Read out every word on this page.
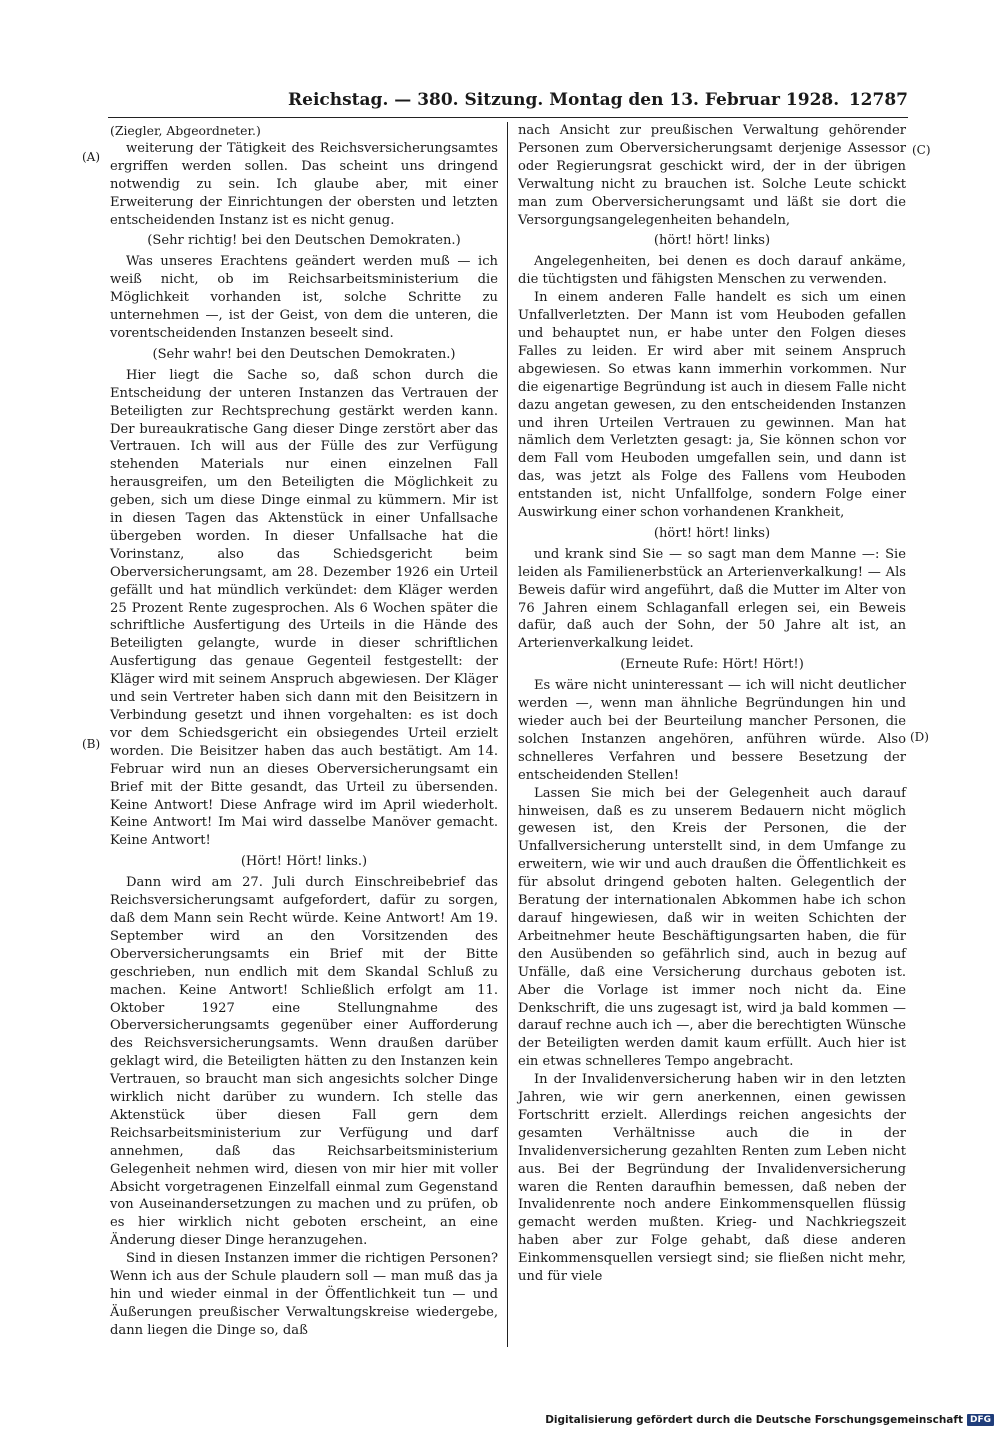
Reichstag. — 380. Sitzung. Montag den 13. Februar 1928. 12787
(A)
(B)
(C)
(D)

(Ziegler, Abgeordneter.)

weiterung der Tätigkeit des Reichsversicherungsamtes ergriffen werden sollen. Das scheint uns dringend notwendig zu sein. Ich glaube aber, mit einer Erweiterung der Einrichtungen der obersten und letzten entscheidenden Instanz ist es nicht genug.

(Sehr richtig! bei den Deutschen Demokraten.)

Was unseres Erachtens geändert werden muß — ich weiß nicht, ob im Reichsarbeitsministerium die Möglichkeit vorhanden ist, solche Schritte zu unternehmen —, ist der Geist, von dem die unteren, die vorentscheidenden Instanzen beseelt sind.

(Sehr wahr! bei den Deutschen Demokraten.)

Hier liegt die Sache so, daß schon durch die Entscheidung der unteren Instanzen das Vertrauen der Beteiligten zur Rechtsprechung gestärkt werden kann. Der bureaukratische Gang dieser Dinge zerstört aber das Vertrauen. Ich will aus der Fülle des zur Verfügung stehenden Materials nur einen einzelnen Fall herausgreifen, um den Beteiligten die Möglichkeit zu geben, sich um diese Dinge einmal zu kümmern. Mir ist in diesen Tagen das Aktenstück in einer Unfallsache übergeben worden. In dieser Unfallsache hat die Vorinstanz, also das Schiedsgericht beim Oberversicherungsamt, am 28. Dezember 1926 ein Urteil gefällt und hat mündlich verkündet: dem Kläger werden 25 Prozent Rente zugesprochen. Als 6 Wochen später die schriftliche Ausfertigung des Urteils in die Hände des Beteiligten gelangte, wurde in dieser schriftlichen Ausfertigung das genaue Gegenteil festgestellt: der Kläger wird mit seinem Anspruch abgewiesen. Der Kläger und sein Vertreter haben sich dann mit den Beisitzern in Verbindung gesetzt und ihnen vorgehalten: es ist doch vor dem Schiedsgericht ein obsiegendes Urteil erzielt worden. Die Beisitzer haben das auch bestätigt. Am 14. Februar wird nun an dieses Oberversicherungsamt ein Brief mit der Bitte gesandt, das Urteil zu übersenden. Keine Antwort! Diese Anfrage wird im April wiederholt. Keine Antwort! Im Mai wird dasselbe Manöver gemacht. Keine Antwort!

(Hört! Hört! links.)

Dann wird am 27. Juli durch Einschreibebrief das Reichsversicherungsamt aufgefordert, dafür zu sorgen, daß dem Mann sein Recht würde. Keine Antwort! Am 19. September wird an den Vorsitzenden des Oberversicherungsamts ein Brief mit der Bitte geschrieben, nun endlich mit dem Skandal Schluß zu machen. Keine Antwort! Schließlich erfolgt am 11. Oktober 1927 eine Stellungnahme des Oberversicherungsamts gegenüber einer Aufforderung des Reichsversicherungsamts. Wenn draußen darüber geklagt wird, die Beteiligten hätten zu den Instanzen kein Vertrauen, so braucht man sich angesichts solcher Dinge wirklich nicht darüber zu wundern. Ich stelle das Aktenstück über diesen Fall gern dem Reichsarbeitsministerium zur Verfügung und darf annehmen, daß das Reichsarbeitsministerium Gelegenheit nehmen wird, diesen von mir hier mit voller Absicht vorgetragenen Einzelfall einmal zum Gegenstand von Auseinandersetzungen zu machen und zu prüfen, ob es hier wirklich nicht geboten erscheint, an eine Änderung dieser Dinge heranzugehen.

Sind in diesen Instanzen immer die richtigen Personen? Wenn ich aus der Schule plaudern soll — man muß das ja hin und wieder einmal in der Öffentlichkeit tun — und Äußerungen preußischer Verwaltungskreise wiedergebe, dann liegen die Dinge so, daß

nach Ansicht zur preußischen Verwaltung gehörender Personen zum Oberversicherungsamt derjenige Assessor oder Regierungsrat geschickt wird, der in der übrigen Verwaltung nicht zu brauchen ist. Solche Leute schickt man zum Oberversicherungsamt und läßt sie dort die Versorgungsangelegenheiten behandeln,

(hört! hört! links)

Angelegenheiten, bei denen es doch darauf ankäme, die tüchtigsten und fähigsten Menschen zu verwenden.

In einem anderen Falle handelt es sich um einen Unfallverletzten. Der Mann ist vom Heuboden gefallen und behauptet nun, er habe unter den Folgen dieses Falles zu leiden. Er wird aber mit seinem Anspruch abgewiesen. So etwas kann immerhin vorkommen. Nur die eigenartige Begründung ist auch in diesem Falle nicht dazu angetan gewesen, zu den entscheidenden Instanzen und ihren Urteilen Vertrauen zu gewinnen. Man hat nämlich dem Verletzten gesagt: ja, Sie können schon vor dem Fall vom Heuboden umgefallen sein, und dann ist das, was jetzt als Folge des Fallens vom Heuboden entstanden ist, nicht Unfallfolge, sondern Folge einer Auswirkung einer schon vorhandenen Krankheit,

(hört! hört! links)

und krank sind Sie — so sagt man dem Manne —: Sie leiden als Familienerbstück an Arterienverkalkung! — Als Beweis dafür wird angeführt, daß die Mutter im Alter von 76 Jahren einem Schlaganfall erlegen sei, ein Beweis dafür, daß auch der Sohn, der 50 Jahre alt ist, an Arterienverkalkung leidet.

(Erneute Rufe: Hört! Hört!)

Es wäre nicht uninteressant — ich will nicht deutlicher werden —, wenn man ähnliche Begründungen hin und wieder auch bei der Beurteilung mancher Personen, die solchen Instanzen angehören, anführen würde. Also schnelleres Verfahren und bessere Besetzung der entscheidenden Stellen!

Lassen Sie mich bei der Gelegenheit auch darauf hinweisen, daß es zu unserem Bedauern nicht möglich gewesen ist, den Kreis der Personen, die der Unfallversicherung unterstellt sind, in dem Umfange zu erweitern, wie wir und auch draußen die Öffentlichkeit es für absolut dringend geboten halten. Gelegentlich der Beratung der internationalen Abkommen habe ich schon darauf hingewiesen, daß wir in weiten Schichten der Arbeitnehmer heute Beschäftigungsarten haben, die für den Ausübenden so gefährlich sind, auch in bezug auf Unfälle, daß eine Versicherung durchaus geboten ist. Aber die Vorlage ist immer noch nicht da. Eine Denkschrift, die uns zugesagt ist, wird ja bald kommen — darauf rechne auch ich —, aber die berechtigten Wünsche der Beteiligten werden damit kaum erfüllt. Auch hier ist ein etwas schnelleres Tempo angebracht.

In der Invalidenversicherung haben wir in den letzten Jahren, wie wir gern anerkennen, einen gewissen Fortschritt erzielt. Allerdings reichen angesichts der gesamten Verhältnisse auch die in der Invalidenversicherung gezahlten Renten zum Leben nicht aus. Bei der Begründung der Invalidenversicherung waren die Renten daraufhin bemessen, daß neben der Invalidenrente noch andere Einkommensquellen flüssig gemacht werden mußten. Krieg- und Nachkriegszeit haben aber zur Folge gehabt, daß diese anderen Einkommensquellen versiegt sind; sie fließen nicht mehr, und für viele

Digitalisierung gefördert durch die Deutsche Forschungsgemeinschaft DFG
